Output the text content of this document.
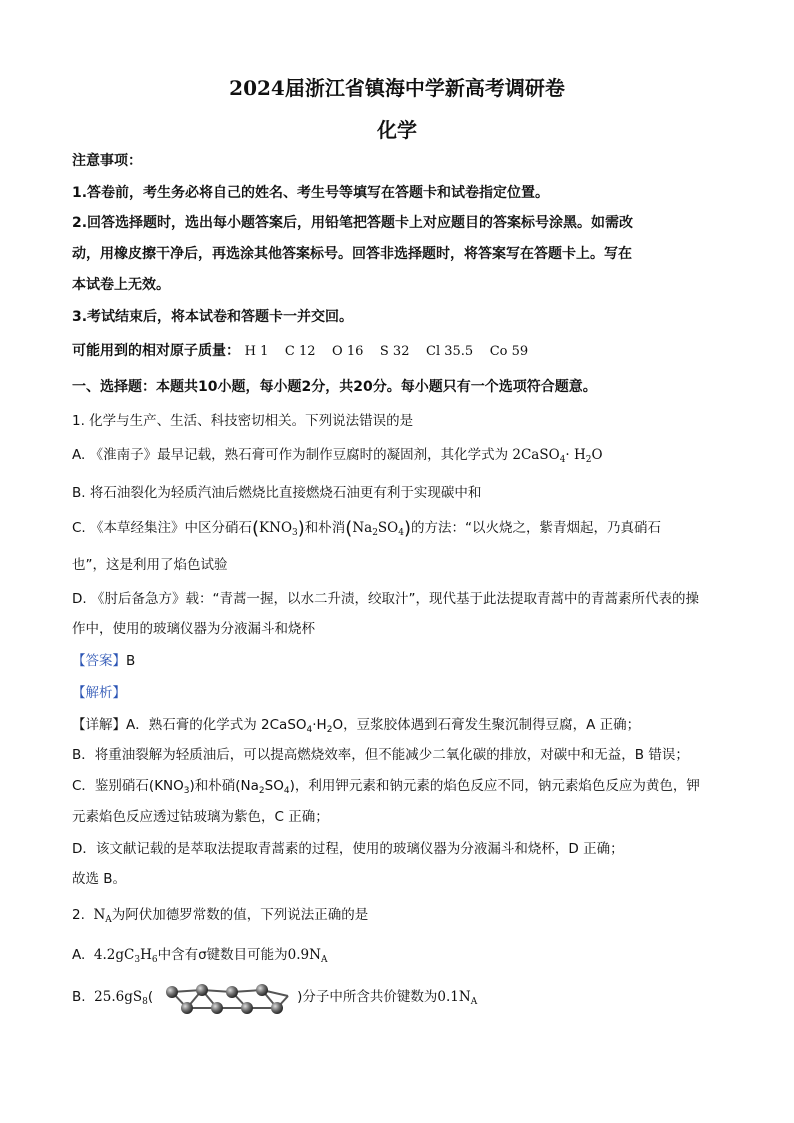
2024届浙江省镇海中学新高考调研卷
化学
注意事项：
1.答卷前，考生务必将自己的姓名、考生号等填写在答题卡和试卷指定位置。
2.回答选择题时，选出每小题答案后，用铅笔把答题卡上对应题目的答案标号涂黑。如需改
动，用橡皮擦干净后，再选涂其他答案标号。回答非选择题时，将答案写在答题卡上。写在
本试卷上无效。
3.考试结束后，将本试卷和答题卡一并交回。
可能用到的相对原子质量： H 1    C 12    O 16    S 32    Cl 35.5    Co 59
一、选择题：本题共10小题，每小题2分，共20分。每小题只有一个选项符合题意。
1. 化学与生产、生活、科技密切相关。下列说法错误的是
A. 《淮南子》最早记载，熟石膏可作为制作豆腐时的凝固剂，其化学式为 2CaSO$_4$· $H_2O$
B. 将石油裂化为轻质汽油后燃烧比直接燃烧石油更有利于实现碳中和
C. 《本草经集注》中区分硝石$(KNO_3)$和朴消$(Na_2SO_4)$的方法：“以火烧之，紫青烟起，乃真硝石
也”，这是利用了焰色试验
D. 《肘后备急方》载：“青蒿一握，以水二升渍，绞取汁”，现代基于此法提取青蒿中的青蒿素所代表的操
作中，使用的玻璃仪器为分液漏斗和烧杯
【答案】B
【解析】
【详解】A．熟石膏的化学式为 $2CaSO_4\cdot H_2O$，豆浆胶体遇到石膏发生聚沉制得豆腐，A 正确；
B．将重油裂解为轻质油后，可以提高燃烧效率，但不能减少二氧化碳的排放，对碳中和无益，B 错误；
C．鉴别硝石$(KNO_3)$和朴硝$(Na_2SO_4)$，利用钾元素和钠元素的焰色反应不同，钠元素焰色反应为黄色，钾
元素焰色反应透过钴玻璃为紫色，C 正确；
D．该文献记载的是萃取法提取青蒿素的过程，使用的玻璃仪器为分液漏斗和烧杯，D 正确；
故选 B。
2. $N_A$为阿伏加德罗常数的值，下列说法正确的是
A. $4.2gC_3H_6$中含有σ键数目可能为$0.9N_A$
B. $25.6gS_8$(	)分子中所含共价键数为$0.1N_A$
